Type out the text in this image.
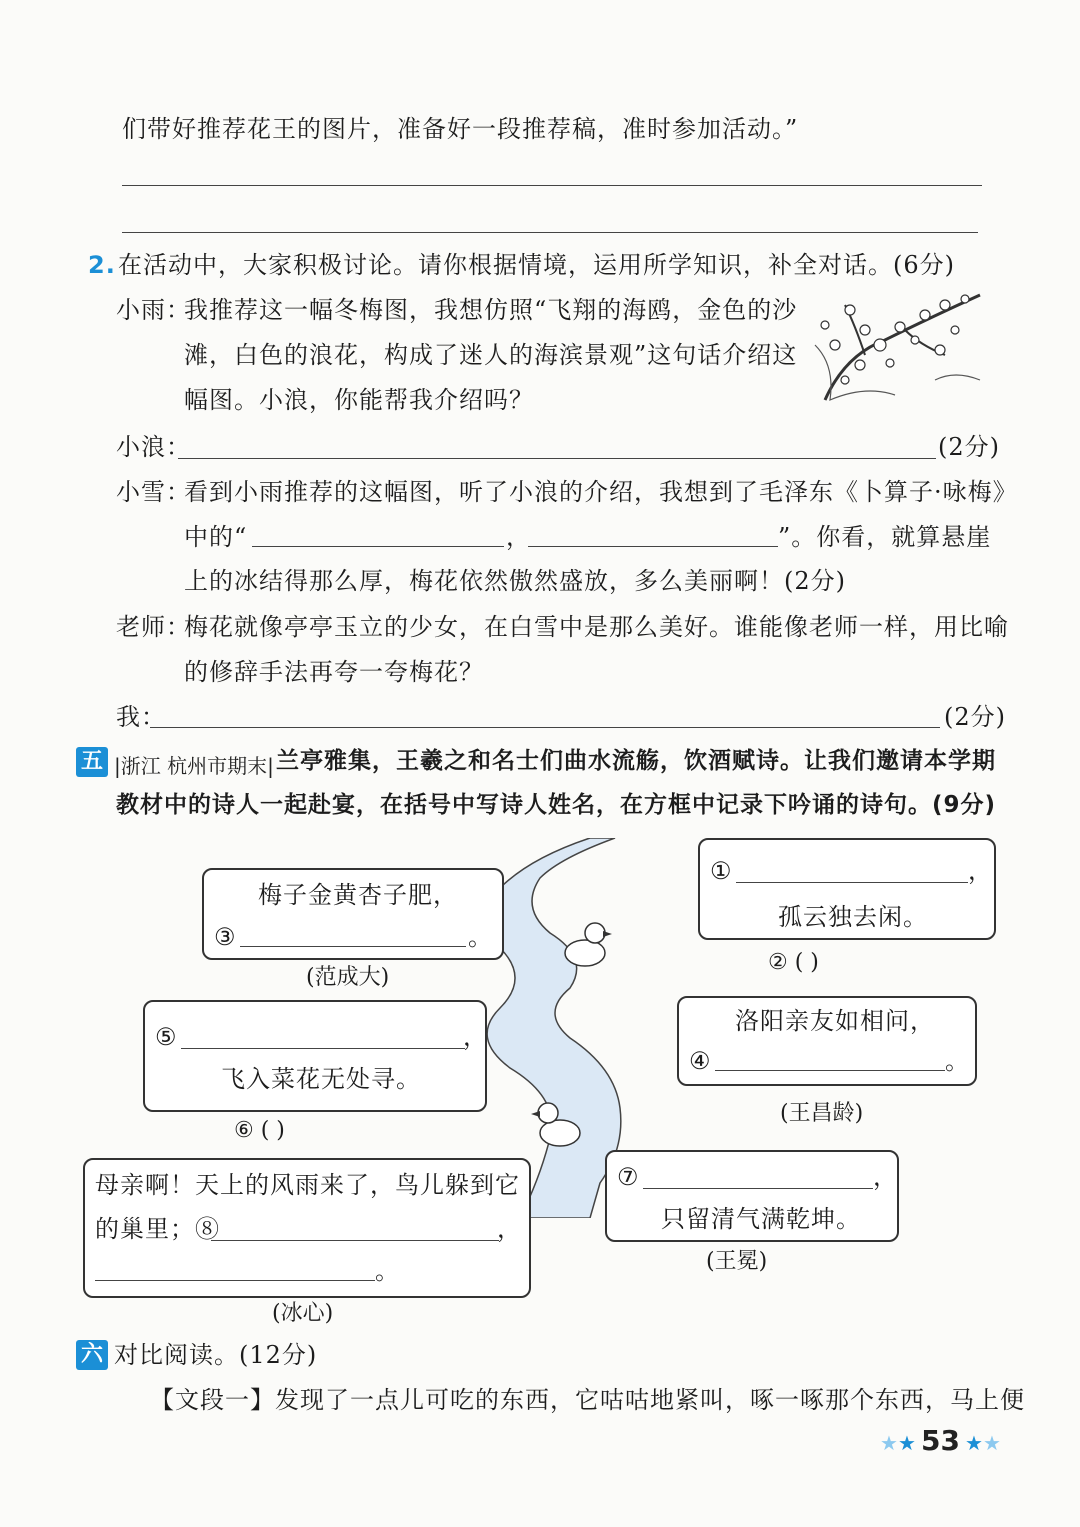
们带好推荐花王的图片，准备好一段推荐稿，准时参加活动。”
2. 在活动中，大家积极讨论。请你根据情境，运用所学知识，补全对话。(6分)
小雨：
我推荐这一幅冬梅图，我想仿照“飞翔的海鸥，金色的沙
滩，白色的浪花，构成了迷人的海滨景观”这句话介绍这
幅图。小浪，你能帮我介绍吗？
小浪：	(2分)
小雪：
看到小雨推荐的这幅图，听了小浪的介绍，我想到了毛泽东《卜算子·咏梅》
中的“	，	”。你看，就算悬崖
上的冰结得那么厚，梅花依然傲然盛放，多么美丽啊！(2分)
老师：
梅花就像亭亭玉立的少女，在白雪中是那么美好。谁能像老师一样，用比喻
的修辞手法再夸一夸梅花？
我：	(2分)
五 |浙江 杭州市期末| 兰亭雅集，王羲之和名士们曲水流觞，饮酒赋诗。让我们邀请本学期
教材中的诗人一起赴宴，在括号中写诗人姓名，在方框中记录下吟诵的诗句。(9分)
梅子金黄杏子肥，
③	。
(范成大)
①	，
孤云独去闲。
② ( )
⑤	，
飞入菜花无处寻。
⑥ ( )
洛阳亲友如相问，
④	。
(王昌龄)
母亲啊！天上的风雨来了，鸟儿躲到它
的巢里；⑧	，
。
(冰心)
⑦	，
只留清气满乾坤。
(王冕)
六 对比阅读。(12分)
【文段一】发现了一点儿可吃的东西，它咕咕地紧叫，啄一啄那个东西，马上便
★★ 53 ★★
